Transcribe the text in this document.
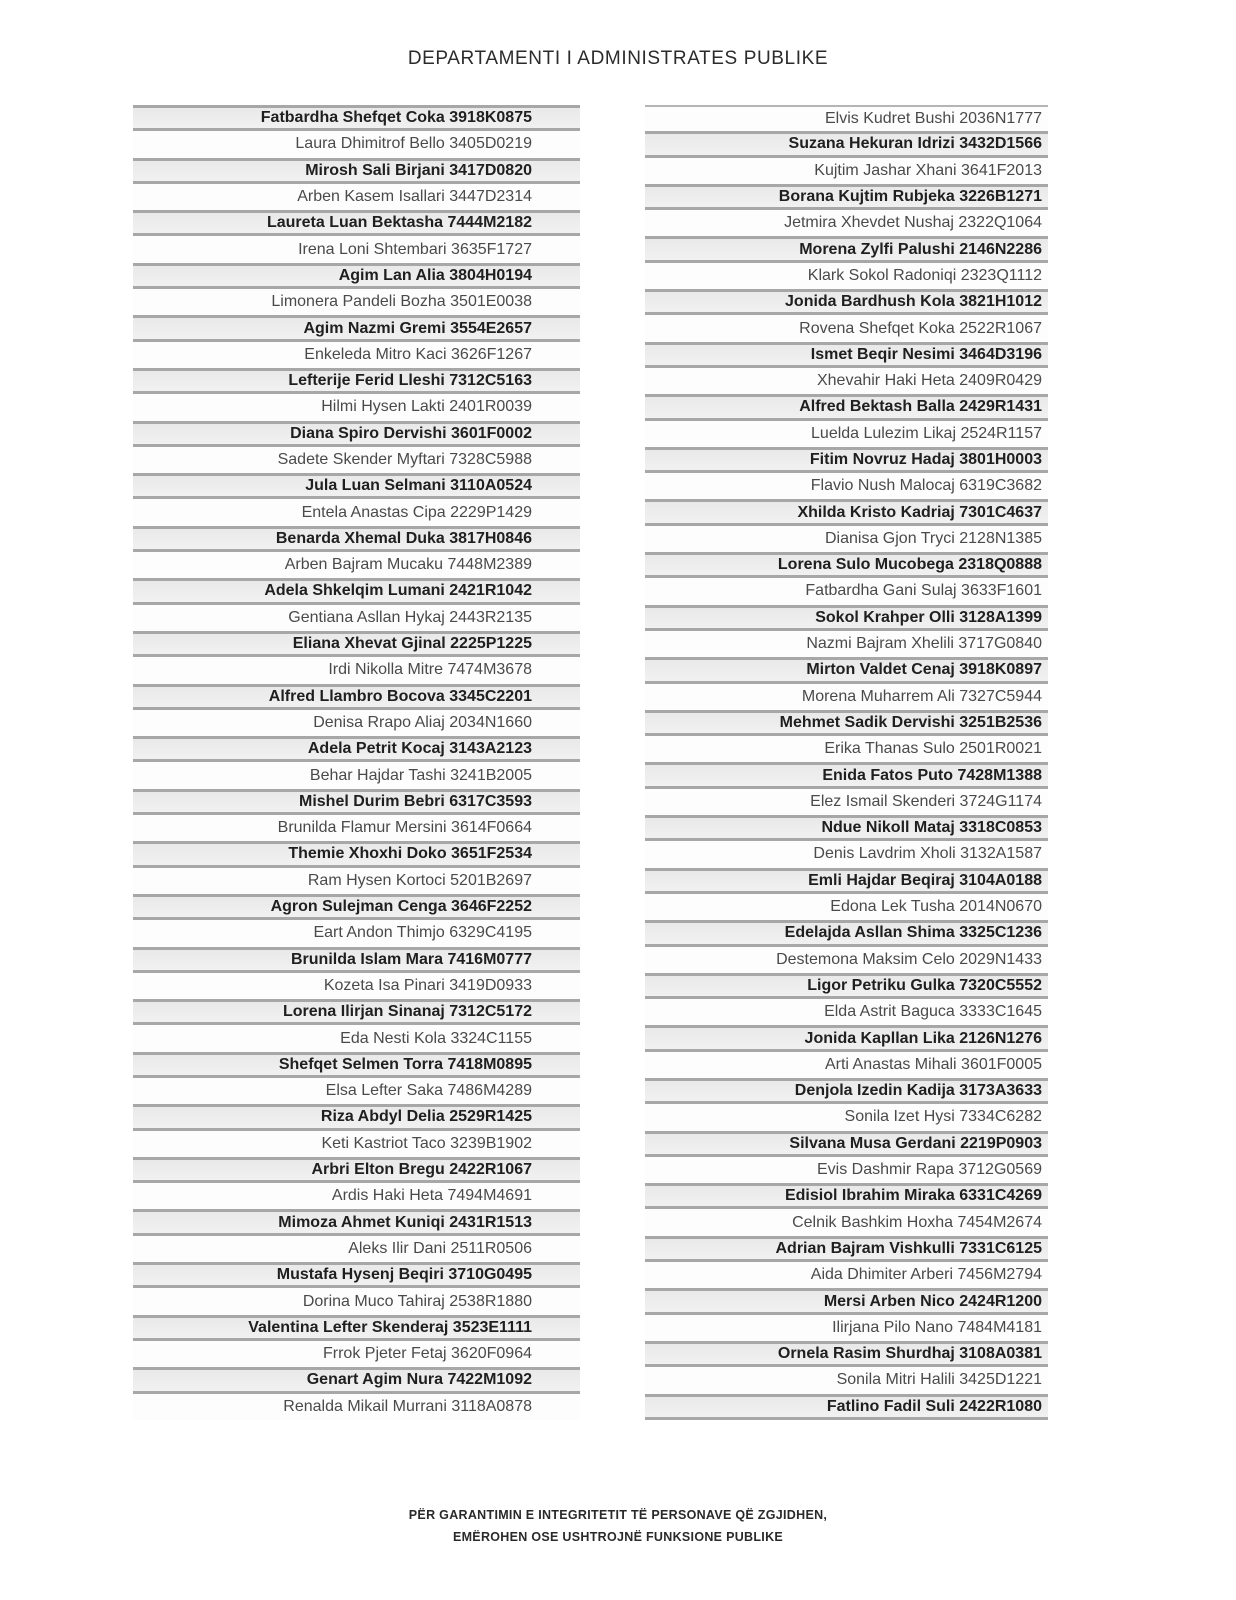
DEPARTAMENTI I ADMINISTRATES PUBLIKE
Fatbardha Shefqet Coka 3918K0875
Laura Dhimitrof Bello 3405D0219
Mirosh Sali Birjani 3417D0820
Arben Kasem Isallari 3447D2314
Laureta Luan Bektasha 7444M2182
Irena Loni Shtembari 3635F1727
Agim Lan Alia 3804H0194
Limonera Pandeli Bozha 3501E0038
Agim Nazmi Gremi 3554E2657
Enkeleda Mitro Kaci 3626F1267
Lefterije Ferid Lleshi 7312C5163
Hilmi Hysen Lakti 2401R0039
Diana Spiro Dervishi 3601F0002
Sadete Skender Myftari 7328C5988
Jula Luan Selmani 3110A0524
Entela Anastas Cipa 2229P1429
Benarda Xhemal Duka 3817H0846
Arben Bajram Mucaku 7448M2389
Adela Shkelqim Lumani 2421R1042
Gentiana Asllan Hykaj 2443R2135
Eliana Xhevat Gjinal 2225P1225
Irdi Nikolla Mitre 7474M3678
Alfred Llambro Bocova 3345C2201
Denisa Rrapo Aliaj 2034N1660
Adela Petrit Kocaj 3143A2123
Behar Hajdar Tashi 3241B2005
Mishel Durim Bebri 6317C3593
Brunilda Flamur Mersini 3614F0664
Themie Xhoxhi Doko 3651F2534
Ram Hysen Kortoci 5201B2697
Agron Sulejman Cenga 3646F2252
Eart Andon Thimjo 6329C4195
Brunilda Islam Mara 7416M0777
Kozeta Isa Pinari 3419D0933
Lorena Ilirjan Sinanaj 7312C5172
Eda Nesti Kola 3324C1155
Shefqet Selmen Torra 7418M0895
Elsa Lefter Saka 7486M4289
Riza Abdyl Delia 2529R1425
Keti Kastriot Taco 3239B1902
Arbri Elton Bregu 2422R1067
Ardis Haki Heta 7494M4691
Mimoza Ahmet Kuniqi 2431R1513
Aleks Ilir Dani 2511R0506
Mustafa Hysenj Beqiri 3710G0495
Dorina Muco Tahiraj 2538R1880
Valentina Lefter Skenderaj 3523E1111
Frrok Pjeter Fetaj 3620F0964
Genart Agim Nura 7422M1092
Renalda Mikail Murrani 3118A0878
Elvis Kudret Bushi 2036N1777
Suzana Hekuran Idrizi 3432D1566
Kujtim Jashar Xhani 3641F2013
Borana Kujtim Rubjeka 3226B1271
Jetmira Xhevdet Nushaj 2322Q1064
Morena Zylfi Palushi 2146N2286
Klark Sokol Radoniqi 2323Q1112
Jonida Bardhush Kola 3821H1012
Rovena Shefqet Koka 2522R1067
Ismet Beqir Nesimi 3464D3196
Xhevahir Haki Heta 2409R0429
Alfred Bektash Balla 2429R1431
Luelda Lulezim Likaj 2524R1157
Fitim Novruz Hadaj 3801H0003
Flavio Nush Malocaj 6319C3682
Xhilda Kristo Kadriaj 7301C4637
Dianisa Gjon Tryci 2128N1385
Lorena Sulo Mucobega 2318Q0888
Fatbardha Gani Sulaj 3633F1601
Sokol Krahper Olli 3128A1399
Nazmi Bajram Xhelili 3717G0840
Mirton Valdet Cenaj 3918K0897
Morena Muharrem Ali 7327C5944
Mehmet Sadik Dervishi 3251B2536
Erika Thanas Sulo 2501R0021
Enida Fatos Puto 7428M1388
Elez Ismail Skenderi 3724G1174
Ndue Nikoll Mataj 3318C0853
Denis Lavdrim Xholi 3132A1587
Emli Hajdar Beqiraj 3104A0188
Edona Lek Tusha 2014N0670
Edelajda Asllan Shima 3325C1236
Destemona Maksim Celo 2029N1433
Ligor Petriku Gulka 7320C5552
Elda Astrit Baguca 3333C1645
Jonida Kapllan Lika 2126N1276
Arti Anastas Mihali 3601F0005
Denjola Izedin Kadija 3173A3633
Sonila Izet Hysi 7334C6282
Silvana Musa Gerdani 2219P0903
Evis Dashmir Rapa 3712G0569
Edisiol Ibrahim Miraka 6331C4269
Celnik Bashkim Hoxha 7454M2674
Adrian Bajram Vishkulli 7331C6125
Aida Dhimiter Arberi 7456M2794
Mersi Arben Nico 2424R1200
Ilirjana Pilo Nano 7484M4181
Ornela Rasim Shurdhaj 3108A0381
Sonila Mitri Halili 3425D1221
Fatlino Fadil Suli 2422R1080
PËR GARANTIMIN E INTEGRITETIT TË PERSONAVE QË ZGJIDHEN,
EMËROHEN OSE USHTROJNË FUNKSIONE PUBLIKE
